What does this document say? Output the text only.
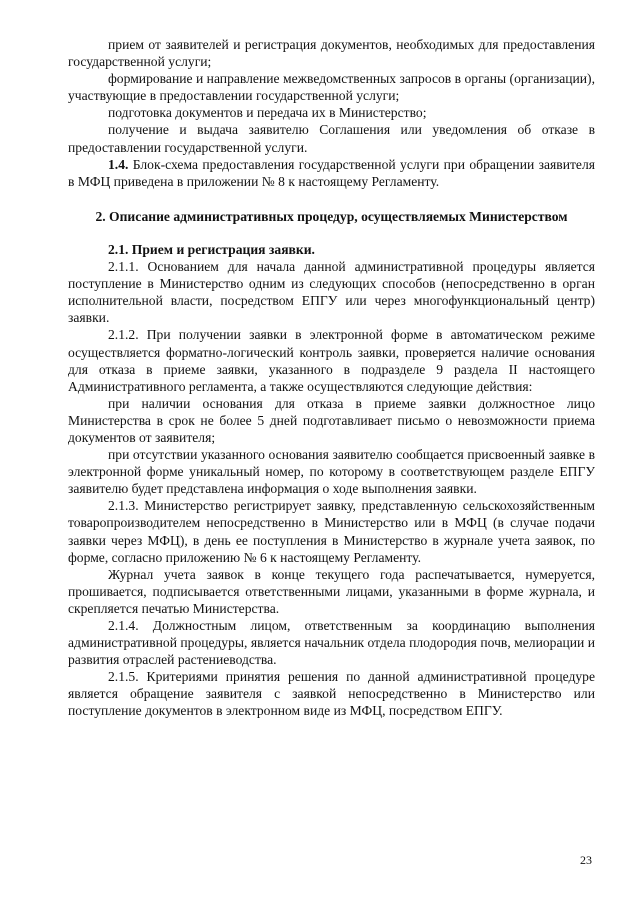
прием от заявителей и регистрация документов, необходимых для предоставления государственной услуги;

формирование и направление межведомственных запросов в органы (организации), участвующие в предоставлении государственной услуги;

подготовка документов и передача их в Министерство;

получение и выдача заявителю Соглашения или уведомления об отказе в предоставлении государственной услуги.

1.4. Блок-схема предоставления государственной услуги при обращении заявителя в МФЦ приведена в приложении № 8 к настоящему Регламенту.

2. Описание административных процедур, осуществляемых Министерством

2.1. Прием и регистрация заявки.

2.1.1. Основанием для начала данной административной процедуры является поступление в Министерство одним из следующих способов (непосредственно в орган исполнительной власти, посредством ЕПГУ или через многофункциональный центр) заявки.

2.1.2. При получении заявки в электронной форме в автоматическом режиме осуществляется форматно-логический контроль заявки, проверяется наличие основания для отказа в приеме заявки, указанного в подразделе 9 раздела II настоящего Административного регламента, а также осуществляются следующие действия:

при наличии основания для отказа в приеме заявки должностное лицо Министерства в срок не более 5 дней подготавливает письмо о невозможности приема документов от заявителя;

при отсутствии указанного основания заявителю сообщается присвоенный заявке в электронной форме уникальный номер, по которому в соответствующем разделе ЕПГУ заявителю будет представлена информация о ходе выполнения заявки.

2.1.3. Министерство регистрирует заявку, представленную сельскохозяйственным товаропроизводителем непосредственно в Министерство или в МФЦ (в случае подачи заявки через МФЦ), в день ее поступления в Министерство в журнале учета заявок, по форме, согласно приложению № 6 к настоящему Регламенту.

Журнал учета заявок в конце текущего года распечатывается, нумеруется, прошивается, подписывается ответственными лицами, указанными в форме журнала, и скрепляется печатью Министерства.

2.1.4. Должностным лицом, ответственным за координацию выполнения административной процедуры, является начальник отдела плодородия почв, мелиорации и развития отраслей растениеводства.

2.1.5. Критериями принятия решения по данной административной процедуре является обращение заявителя с заявкой непосредственно в Министерство или поступление документов в электронном виде из МФЦ, посредством ЕПГУ.

23
